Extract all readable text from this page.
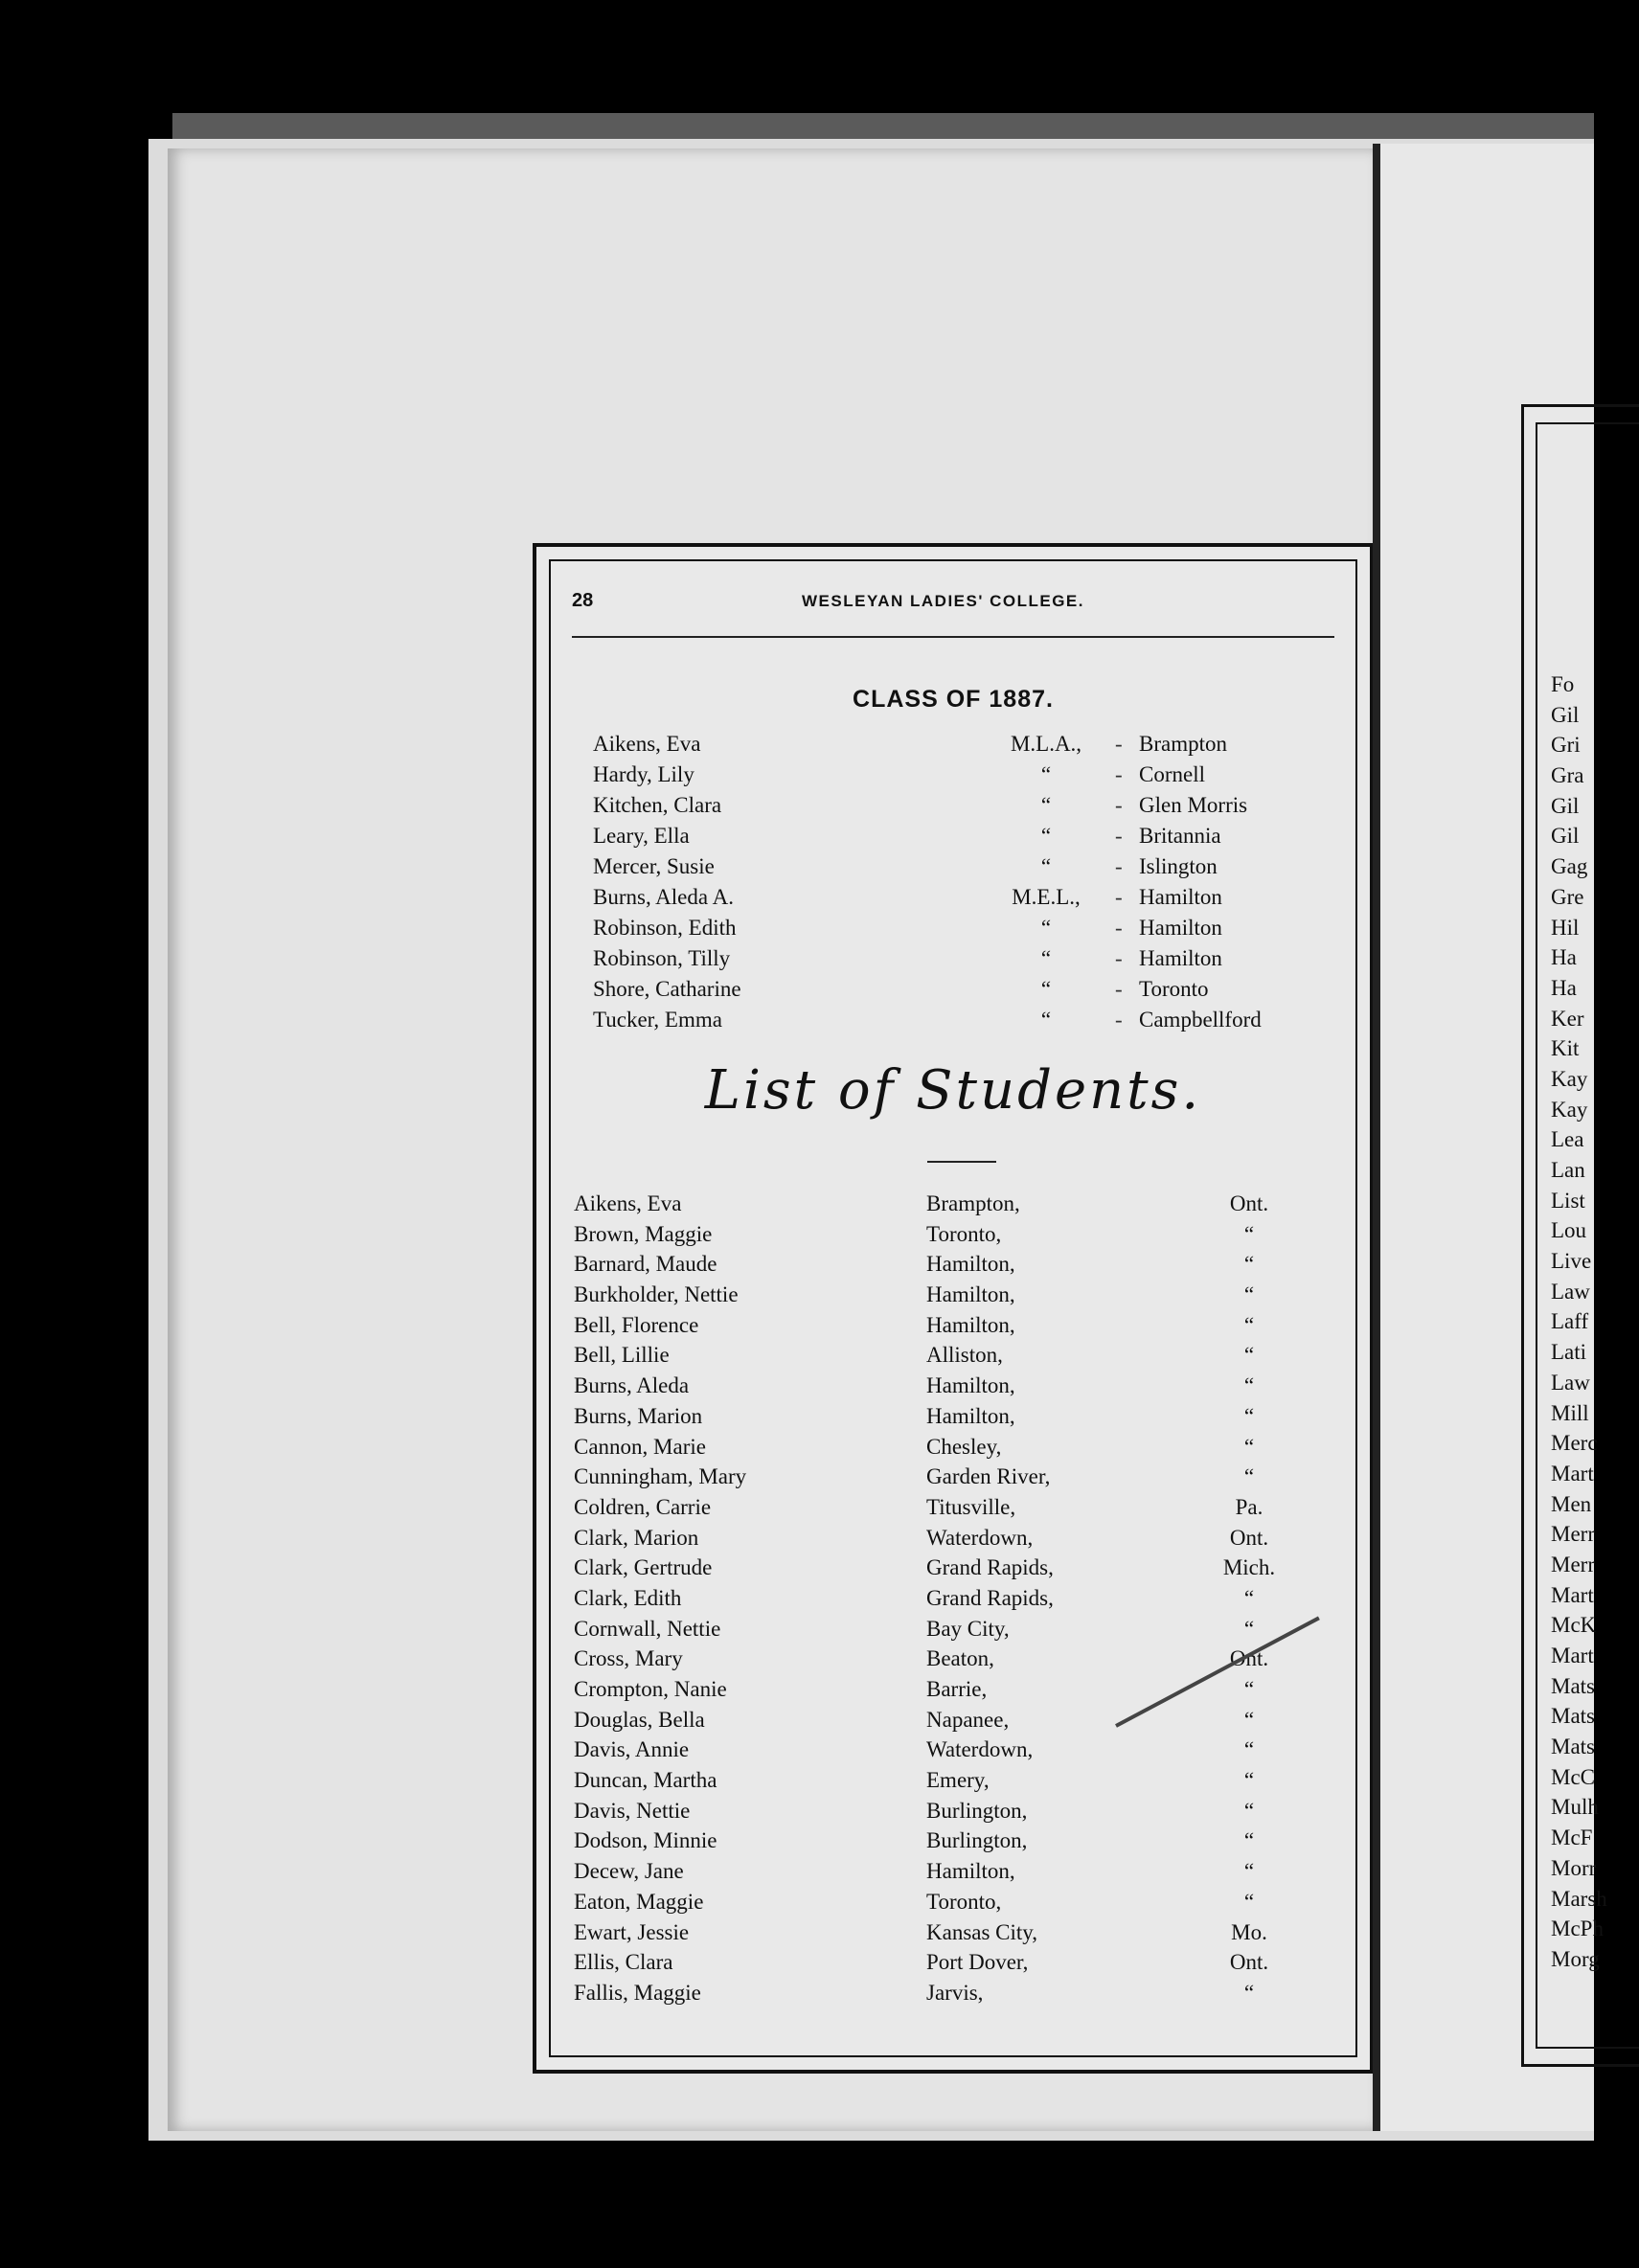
28	WESLEYAN LADIES' COLLEGE.
CLASS OF 1887.
Aikens, Eva	M.L.A.,	- Brampton
Hardy, Lily	“	- Cornell
Kitchen, Clara	“	- Glen Morris
Leary, Ella	“	- Britannia
Mercer, Susie	“	- Islington
Burns, Aleda A.	M.E.L.,	- Hamilton
Robinson, Edith	“	- Hamilton
Robinson, Tilly	“	- Hamilton
Shore, Catharine	“	- Toronto
Tucker, Emma	“	- Campbellford
List of Students.
Aikens, Eva	Brampton,	Ont.
Brown, Maggie	Toronto,	“
Barnard, Maude	Hamilton,	“
Burkholder, Nettie	Hamilton,	“
Bell, Florence	Hamilton,	“
Bell, Lillie	Alliston,	“
Burns, Aleda	Hamilton,	“
Burns, Marion	Hamilton,	“
Cannon, Marie	Chesley,	“
Cunningham, Mary	Garden River,	“
Coldren, Carrie	Titusville,	Pa.
Clark, Marion	Waterdown,	Ont.
Clark, Gertrude	Grand Rapids,	Mich.
Clark, Edith	Grand Rapids,	“
Cornwall, Nettie	Bay City,	“
Cross, Mary	Beaton,	Ont.
Crompton, Nanie	Barrie,	“
Douglas, Bella	Napanee,	“
Davis, Annie	Waterdown,	“
Duncan, Martha	Emery,	“
Davis, Nettie	Burlington,	“
Dodson, Minnie	Burlington,	“
Decew, Jane	Hamilton,	“
Eaton, Maggie	Toronto,	“
Ewart, Jessie	Kansas City,	Mo.
Ellis, Clara	Port Dover,	Ont.
Fallis, Maggie	Jarvis,	“
Fo
Gil
Gri
Gra
Gil
Gil
Gag
Gre
Hil
Ha
Ha
Ker
Kit
Kay
Kay
Lea
Lan
List
Lou
Live
Law
Laff
Lati
Law
Mill
Merc
Mart
Men
Merr
Merr
Mart
McK
Mart
Mats
Mats
Mats
McC
Mulh
McF
Morr
Marsh
McPh
Morg
